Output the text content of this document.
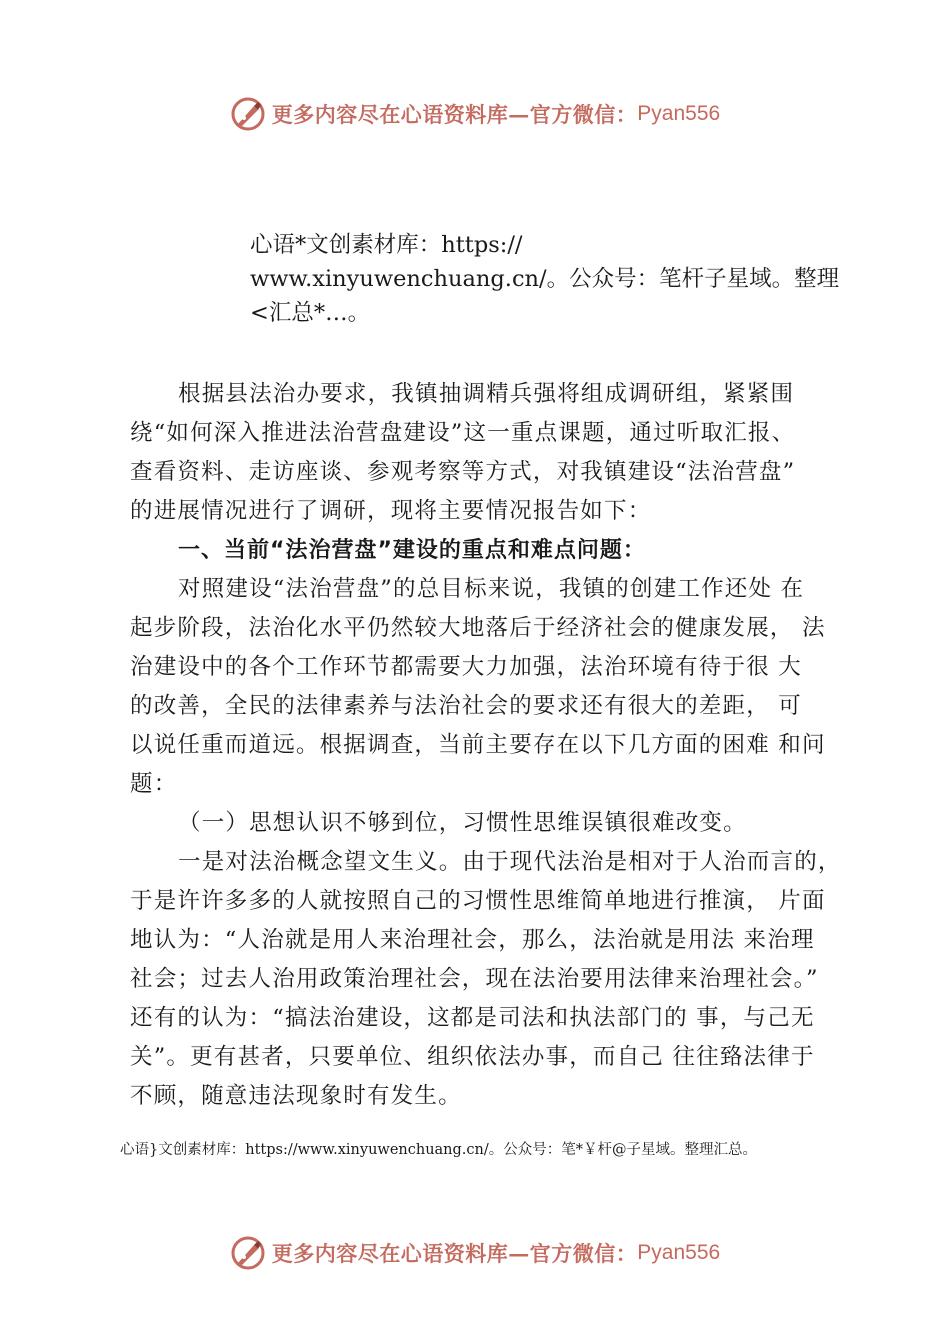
更多内容尽在心语资料库—官方微信： Pyan556
心语*文创素材库：https://
www.xinyuwenchuang.cn/。公众号：笔杆子星域。整理
<汇总*…。
根据县法治办要求，我镇抽调精兵强将组成调研组，紧紧围
绕“如何深入推进法治营盘建设”这一重点课题，通过听取汇报、
查看资料、走访座谈、参观考察等方式，对我镇建设“法治营盘”
的进展情况进行了调研，现将主要情况报告如下：
一、当前“法治营盘”建设的重点和难点问题：
对照建设“法治营盘”的总目标来说，我镇的创建工作还处 在
起步阶段，法治化水平仍然较大地落后于经济社会的健康发展， 法
治建设中的各个工作环节都需要大力加强，法治环境有待于很 大
的改善，全民的法律素养与法治社会的要求还有很大的差距， 可
以说任重而道远。根据调查，当前主要存在以下几方面的困难 和问
题：
（一）思想认识不够到位，习惯性思维误镇很难改变。
一是对法治概念望文生义。由于现代法治是相对于人治而言的，
于是许许多多的人就按照自己的习惯性思维简单地进行推演， 片面
地认为：“人治就是用人来治理社会，那么，法治就是用法 来治理
社会；过去人治用政策治理社会，现在法治要用法律来治理社会。”
还有的认为：“搞法治建设，这都是司法和执法部门的 事，与己无
关”。更有甚者，只要单位、组织依法办事，而自己 往往臵法律于
不顾，随意违法现象时有发生。
心语}文创素材库：https://www.xinyuwenchuang.cn/。公众号：笔*￥杆@子星域。整理汇总。
更多内容尽在心语资料库—官方微信： Pyan556
